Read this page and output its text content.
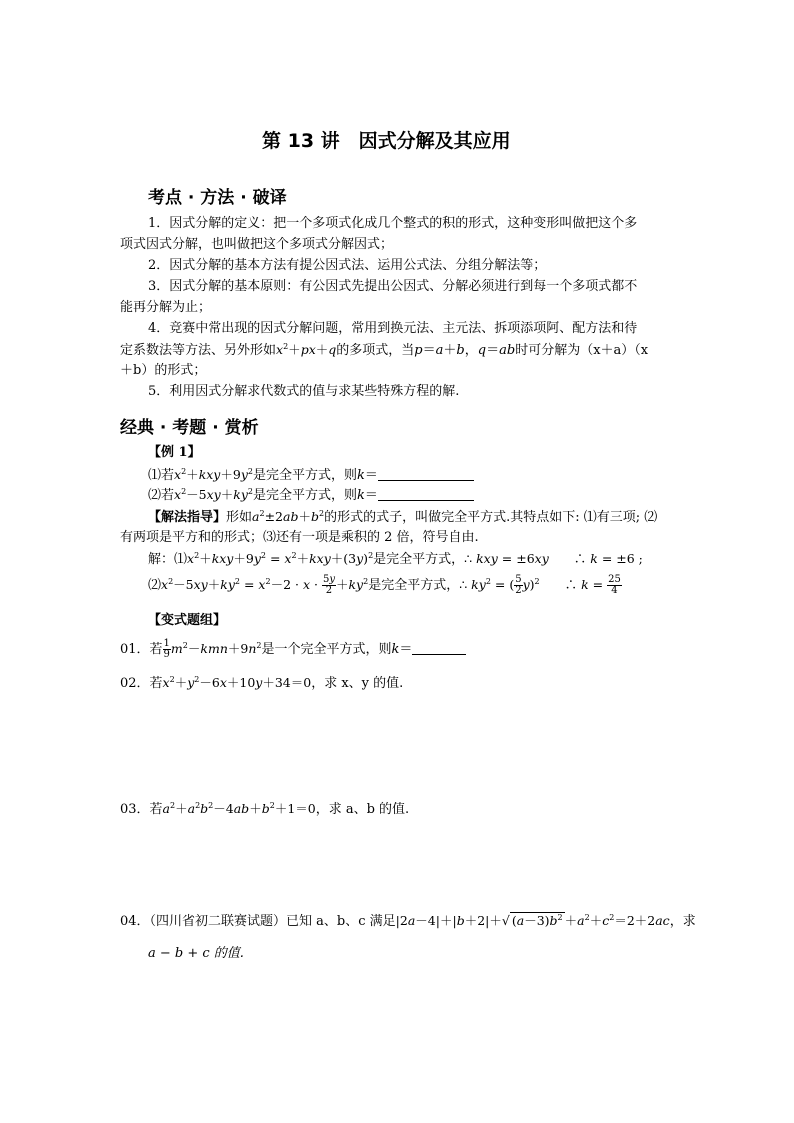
第 13 讲　因式分解及其应用
考点 · 方法 · 破译
1．因式分解的定义：把一个多项式化成几个整式的积的形式，这种变形叫做把这个多
项式因式分解，也叫做把这个多项式分解因式；
2．因式分解的基本方法有提公因式法、运用公式法、分组分解法等；
3．因式分解的基本原则：有公因式先提出公因式、分解必须进行到每一个多项式都不
能再分解为止；
4．竞赛中常出现的因式分解问题，常用到换元法、主元法、拆项添项阿、配方法和待
定系数法等方法、另外形如$x^2+px+q$的多项式，当p＝a＋b，q＝ab时可分解为（x＋a）（x
＋b）的形式；
5．利用因式分解求代数式的值与求某些特殊方程的解.
经典 · 考题 · 赏析
【例 1】
⑴若$x^2+kxy+9y^2$是完全平方式，则k＝
⑵若$x^2-5xy+ky^2$是完全平方式，则k＝
【解法指导】形如$a^2\pm 2ab+b^2$的形式的式子，叫做完全平方式.其特点如下: ⑴有三项; ⑵
有两项是平方和的形式；⑶还有一项是乘积的 2 倍，符号自由.
解：$⑴x^2+kxy+9y^2 = x^2+kxy+(3y)^2$是完全平方式，∴ kxy = ±6xy　　∴ k = ±6 ;
$⑵x^2-5xy+ky^2 = x^2-2 \cdot x \cdot \frac{5y}{2} +ky^2$是完全平方式，∴ $ky^2$ = ( $\frac{5}{2} y)^2$　　∴ $k = \frac{25}{4}$
【变式题组】
01．若 $\frac{1}{9} m^2-kmn+9n^2$是一个完全平方式，则k＝
02．若$x^2+y^2-6x+10y+34=0$，求 x、y 的值.
03．若$a^2+a^2b^2-4ab+b^2+1=0$，求 a、b 的值.
04．（四川省初二联赛试题）已知 a、b、c 满足|2a－4|＋|b＋2|＋√ $(a-3)b^2 +a^2+c^2=2+2ac$，求
a − b + c 的值.
